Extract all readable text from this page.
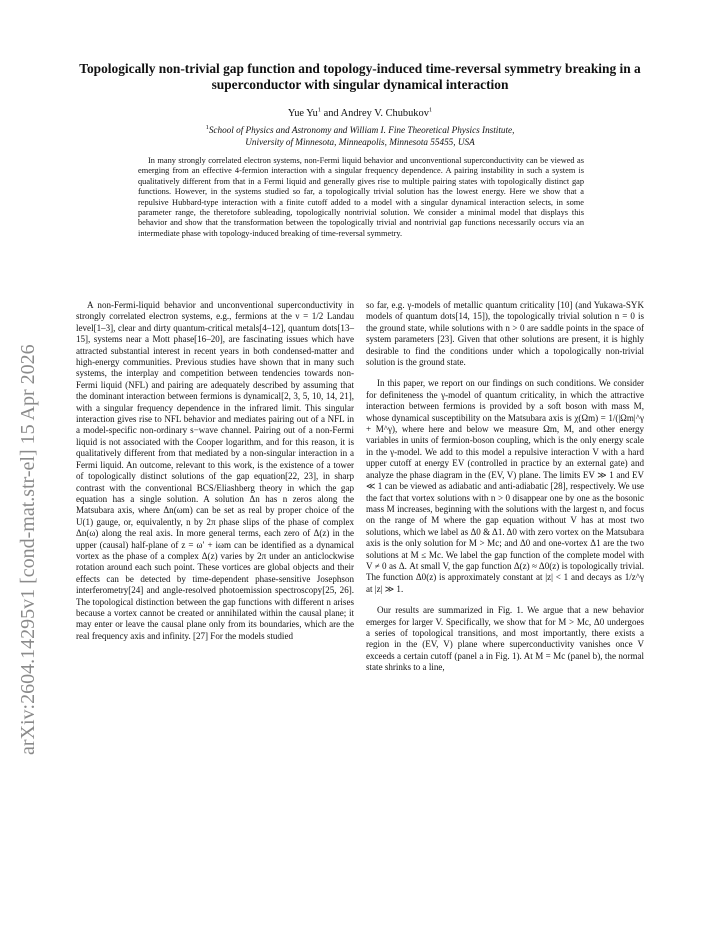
arXiv:2604.14295v1 [cond-mat.str-el] 15 Apr 2026
Topologically non-trivial gap function and topology-induced time-reversal symmetry breaking in a superconductor with singular dynamical interaction
Yue Yu$^1$ and Andrey V. Chubukov$^1$
$^1$School of Physics and Astronomy and William I. Fine Theoretical Physics Institute,
University of Minnesota, Minneapolis, Minnesota 55455, USA

In many strongly correlated electron systems, non-Fermi liquid behavior and unconventional superconductivity can be viewed as emerging from an effective 4-fermion interaction with a singular frequency dependence. A pairing instability in such a system is qualitatively different from that in a Fermi liquid and generally gives rise to multiple pairing states with topologically distinct gap functions. However, in the systems studied so far, a topologically trivial solution has the lowest energy. Here we show that a repulsive Hubbard-type interaction with a finite cutoff added to a model with a singular dynamical interaction selects, in some parameter range, the theretofore subleading, topologically nontrivial solution. We consider a minimal model that displays this behavior and show that the transformation between the topologically trivial and nontrivial gap functions necessarily occurs via an intermediate phase with topology-induced breaking of time-reversal symmetry.

A non-Fermi-liquid behavior and unconventional superconductivity in strongly correlated electron systems, e.g., fermions at the ν = 1/2 Landau level[1–3], clear and dirty quantum-critical metals[4–12], quantum dots[13–15], systems near a Mott phase[16–20], are fascinating issues which have attracted substantial interest in recent years in both condensed-matter and high-energy communities. Previous studies have shown that in many such systems, the interplay and competition between tendencies towards non-Fermi liquid (NFL) and pairing are adequately described by assuming that the dominant interaction between fermions is dynamical[2, 3, 5, 10, 14, 21], with a singular frequency dependence in the infrared limit. This singular interaction gives rise to NFL behavior and mediates pairing out of a NFL in a model-specific non-ordinary s−wave channel. Pairing out of a non-Fermi liquid is not associated with the Cooper logarithm, and for this reason, it is qualitatively different from that mediated by a non-singular interaction in a Fermi liquid. An outcome, relevant to this work, is the existence of a tower of topologically distinct solutions of the gap equation[22, 23], in sharp contrast with the conventional BCS/Eliashberg theory in which the gap equation has a single solution. A solution Δn has n zeros along the Matsubara axis, where Δn(ωm) can be set as real by proper choice of the U(1) gauge, or, equivalently, n by 2π phase slips of the phase of complex Δn(ω) along the real axis. In more general terms, each zero of Δ(z) in the upper (causal) half-plane of z = ω′ + iωm can be identified as a dynamical vortex as the phase of a complex Δ(z) varies by 2π under an anticlockwise rotation around each such point. These vortices are global objects and their effects can be detected by time-dependent phase-sensitive Josephson interferometry[24] and angle-resolved photoemission spectroscopy[25, 26]. The topological distinction between the gap functions with different n arises because a vortex cannot be created or annihilated within the causal plane; it may enter or leave the causal plane only from its boundaries, which are the real frequency axis and infinity. [27] For the models studied

so far, e.g. γ-models of metallic quantum criticality [10] (and Yukawa-SYK models of quantum dots[14, 15]), the topologically trivial solution n = 0 is the ground state, while solutions with n > 0 are saddle points in the space of system parameters [23]. Given that other solutions are present, it is highly desirable to find the conditions under which a topologically non-trivial solution is the ground state.

In this paper, we report on our findings on such conditions. We consider for definiteness the γ-model of quantum criticality, in which the attractive interaction between fermions is provided by a soft boson with mass M, whose dynamical susceptibility on the Matsubara axis is χ(Ωm) = 1/(|Ωm|^γ + M^γ), where here and below we measure Ωm, M, and other energy variables in units of fermion-boson coupling, which is the only energy scale in the γ-model. We add to this model a repulsive interaction V with a hard upper cutoff at energy EV (controlled in practice by an external gate) and analyze the phase diagram in the (EV, V) plane. The limits EV ≫ 1 and EV ≪ 1 can be viewed as adiabatic and anti-adiabatic [28], respectively. We use the fact that vortex solutions with n > 0 disappear one by one as the bosonic mass M increases, beginning with the solutions with the largest n, and focus on the range of M where the gap equation without V has at most two solutions, which we label as Δ0 & Δ1. Δ0 with zero vortex on the Matsubara axis is the only solution for M > Mc; and Δ0 and one-vortex Δ1 are the two solutions at M ≤ Mc. We label the gap function of the complete model with V ≠ 0 as Δ. At small V, the gap function Δ(z) ≈ Δ0(z) is topologically trivial. The function Δ0(z) is approximately constant at |z| < 1 and decays as 1/z^γ at |z| ≫ 1.

Our results are summarized in Fig. 1. We argue that a new behavior emerges for larger V. Specifically, we show that for M > Mc, Δ0 undergoes a series of topological transitions, and most importantly, there exists a region in the (EV, V) plane where superconductivity vanishes once V exceeds a certain cutoff (panel a in Fig. 1). At M = Mc (panel b), the normal state shrinks to a line,
